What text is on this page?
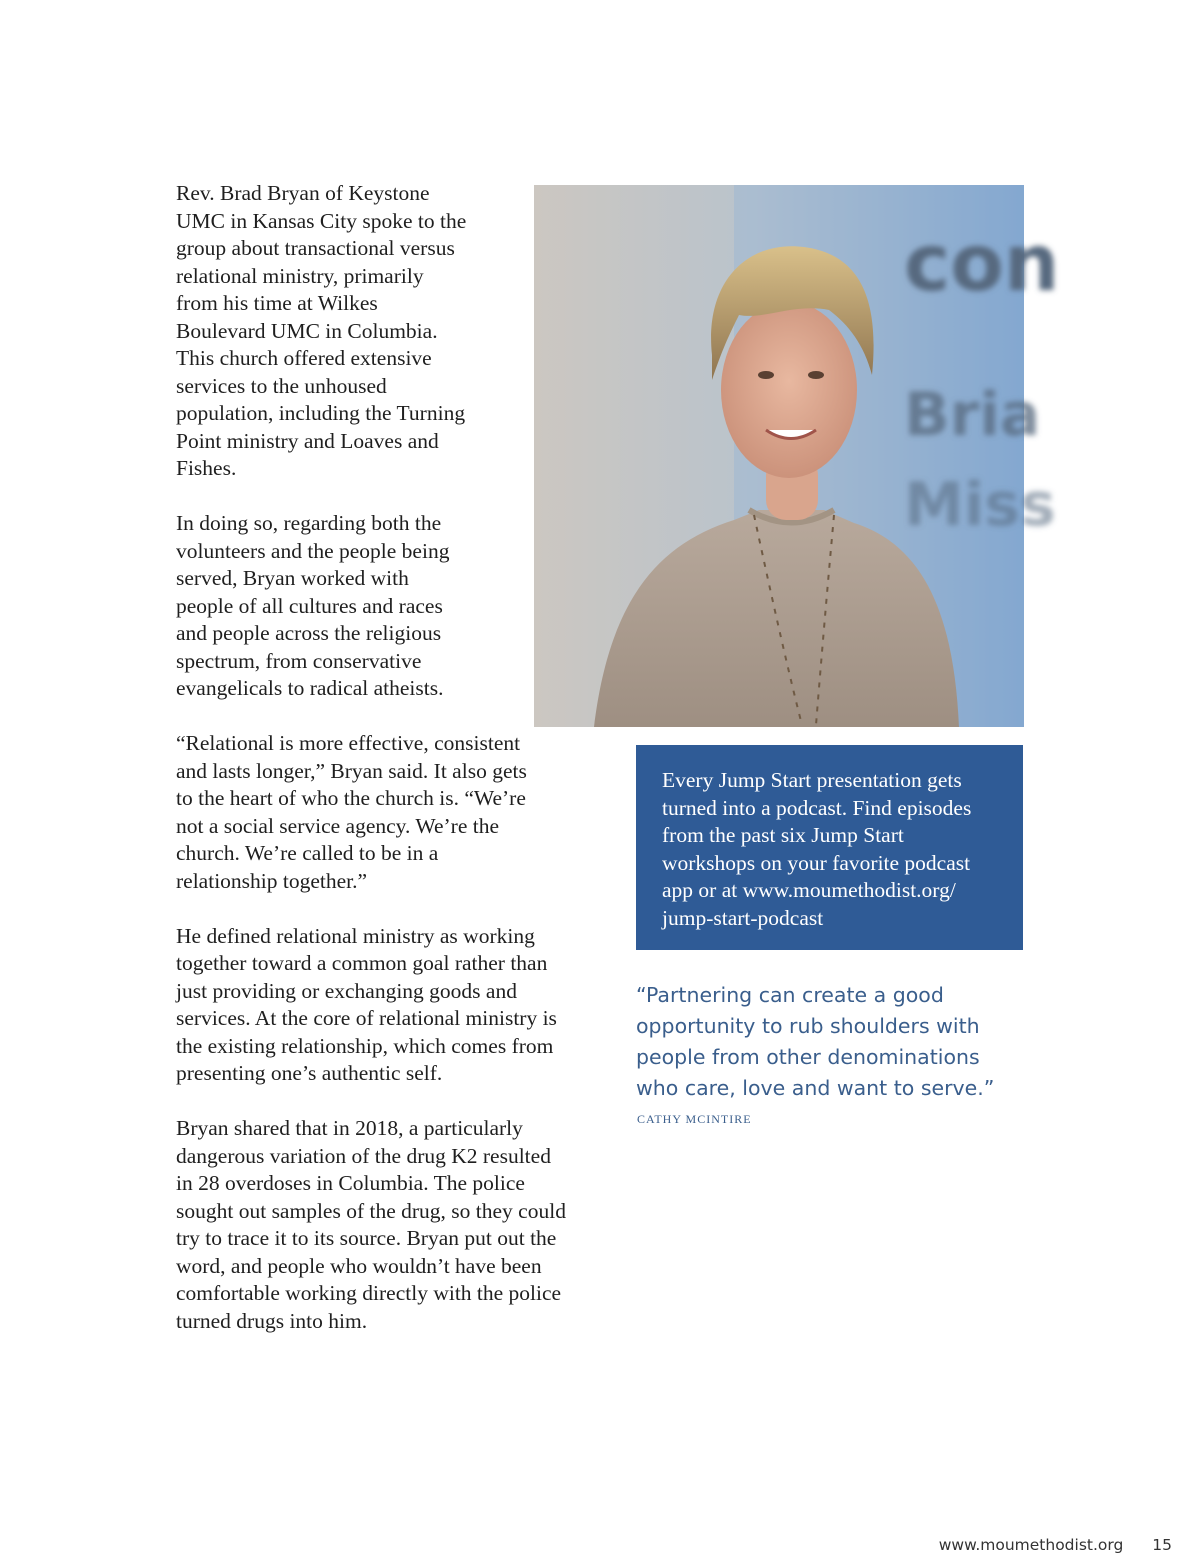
Rev. Brad Bryan of Keystone UMC in Kansas City spoke to the group about transactional versus relational ministry, primarily from his time at Wilkes Boulevard UMC in Columbia. This church offered extensive services to the unhoused population, including the Turning Point ministry and Loaves and Fishes.

In doing so, regarding both the volunteers and the people being served, Bryan worked with people of all cultures and races and people across the religious spectrum, from conservative evangelicals to radical atheists.

“Relational is more effective, consistent and lasts longer,” Bryan said. It also gets to the heart of who the church is. “We’re not a social service agency. We’re the church. We’re called to be in a relationship together.”

He defined relational ministry as working together toward a common goal rather than just providing or exchanging goods and services. At the core of relational ministry is the existing relationship, which comes from presenting one’s authentic self.

Bryan shared that in 2018, a particularly dangerous variation of the drug K2 resulted in 28 overdoses in Columbia. The police sought out samples of the drug, so they could try to trace it to its source. Bryan put out the word, and people who wouldn’t have been comfortable working directly with the police turned drugs into him.

con
Bria
Miss
Every Jump Start presentation gets turned into a podcast. Find episodes from the past six Jump Start workshops on your favorite podcast app or at www.moumethodist.org/ jump-start-podcast

“Partnering can create a good opportunity to rub shoulders with people from other denominations who care, love and want to serve.”

CATHY MCINTIRE
www.moumethodist.org 15
